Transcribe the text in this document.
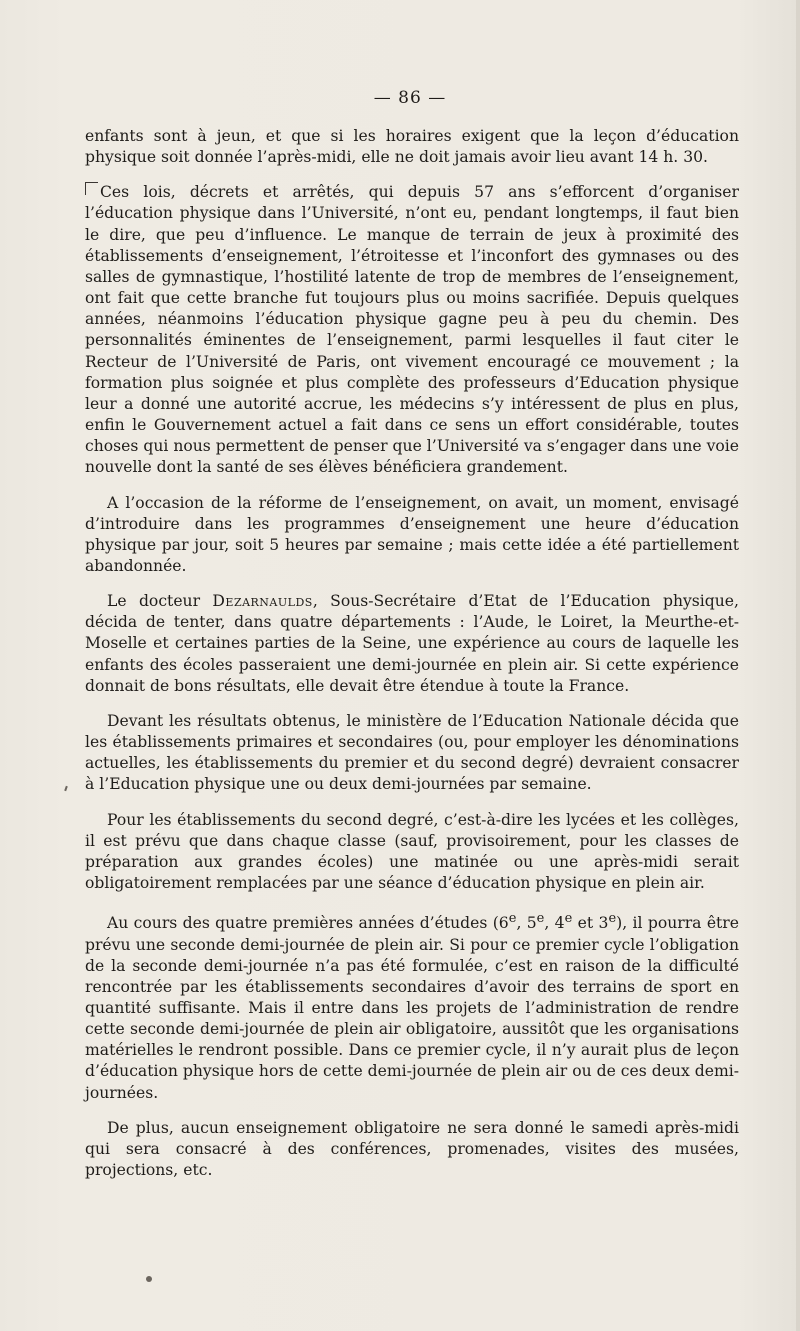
— 86 —

enfants sont à jeun, et que si les horaires exigent que la leçon d’éducation physique soit donnée l’après-midi, elle ne doit jamais avoir lieu avant 14 h. 30.

Ces lois, décrets et arrêtés, qui depuis 57 ans s’efforcent d’organiser l’éducation physique dans l’Université, n’ont eu, pendant longtemps, il faut bien le dire, que peu d’influence. Le manque de terrain de jeux à proximité des établissements d’enseignement, l’étroitesse et l’inconfort des gymnases ou des salles de gymnastique, l’hostilité latente de trop de membres de l’enseignement, ont fait que cette branche fut toujours plus ou moins sacrifiée. Depuis quelques années, néanmoins l’éducation physique gagne peu à peu du chemin. Des personnalités éminentes de l’enseignement, parmi lesquelles il faut citer le Recteur de l’Université de Paris, ont vivement encouragé ce mouvement ; la formation plus soignée et plus complète des professeurs d’Education physique leur a donné une autorité accrue, les médecins s’y intéressent de plus en plus, enfin le Gouvernement actuel a fait dans ce sens un effort considérable, toutes choses qui nous permettent de penser que l’Université va s’engager dans une voie nouvelle dont la santé de ses élèves bénéficiera grandement.

A l’occasion de la réforme de l’enseignement, on avait, un moment, envisagé d’introduire dans les programmes d’enseignement une heure d’éducation physique par jour, soit 5 heures par semaine ; mais cette idée a été partiellement abandonnée.

Le docteur Dezarnaulds, Sous-Secrétaire d’Etat de l’Education physique, décida de tenter, dans quatre départements : l’Aude, le Loiret, la Meurthe-et-Moselle et certaines parties de la Seine, une expérience au cours de laquelle les enfants des écoles passeraient une demi-journée en plein air. Si cette expérience donnait de bons résultats, elle devait être étendue à toute la France.

Devant les résultats obtenus, le ministère de l’Education Nationale décida que les établissements primaires et secondaires (ou, pour employer les dénominations actuelles, les établissements du premier et du second degré) devraient consacrer à l’Education physique une ou deux demi-journées par semaine.

Pour les établissements du second degré, c’est-à-dire les lycées et les collèges, il est prévu que dans chaque classe (sauf, provisoirement, pour les classes de préparation aux grandes écoles) une matinée ou une après-midi serait obligatoirement remplacées par une séance d’éducation physique en plein air.

Au cours des quatre premières années d’études (6e, 5e, 4e et 3e), il pourra être prévu une seconde demi-journée de plein air. Si pour ce premier cycle l’obligation de la seconde demi-journée n’a pas été formulée, c’est en raison de la difficulté rencontrée par les établissements secondaires d’avoir des terrains de sport en quantité suffisante. Mais il entre dans les projets de l’administration de rendre cette seconde demi-journée de plein air obligatoire, aussitôt que les organisations matérielles le rendront possible. Dans ce premier cycle, il n’y aurait plus de leçon d’éducation physique hors de cette demi-journée de plein air ou de ces deux demi-journées.

De plus, aucun enseignement obligatoire ne sera donné le samedi après-midi qui sera consacré à des conférences, promenades, visites des musées, projections, etc.
